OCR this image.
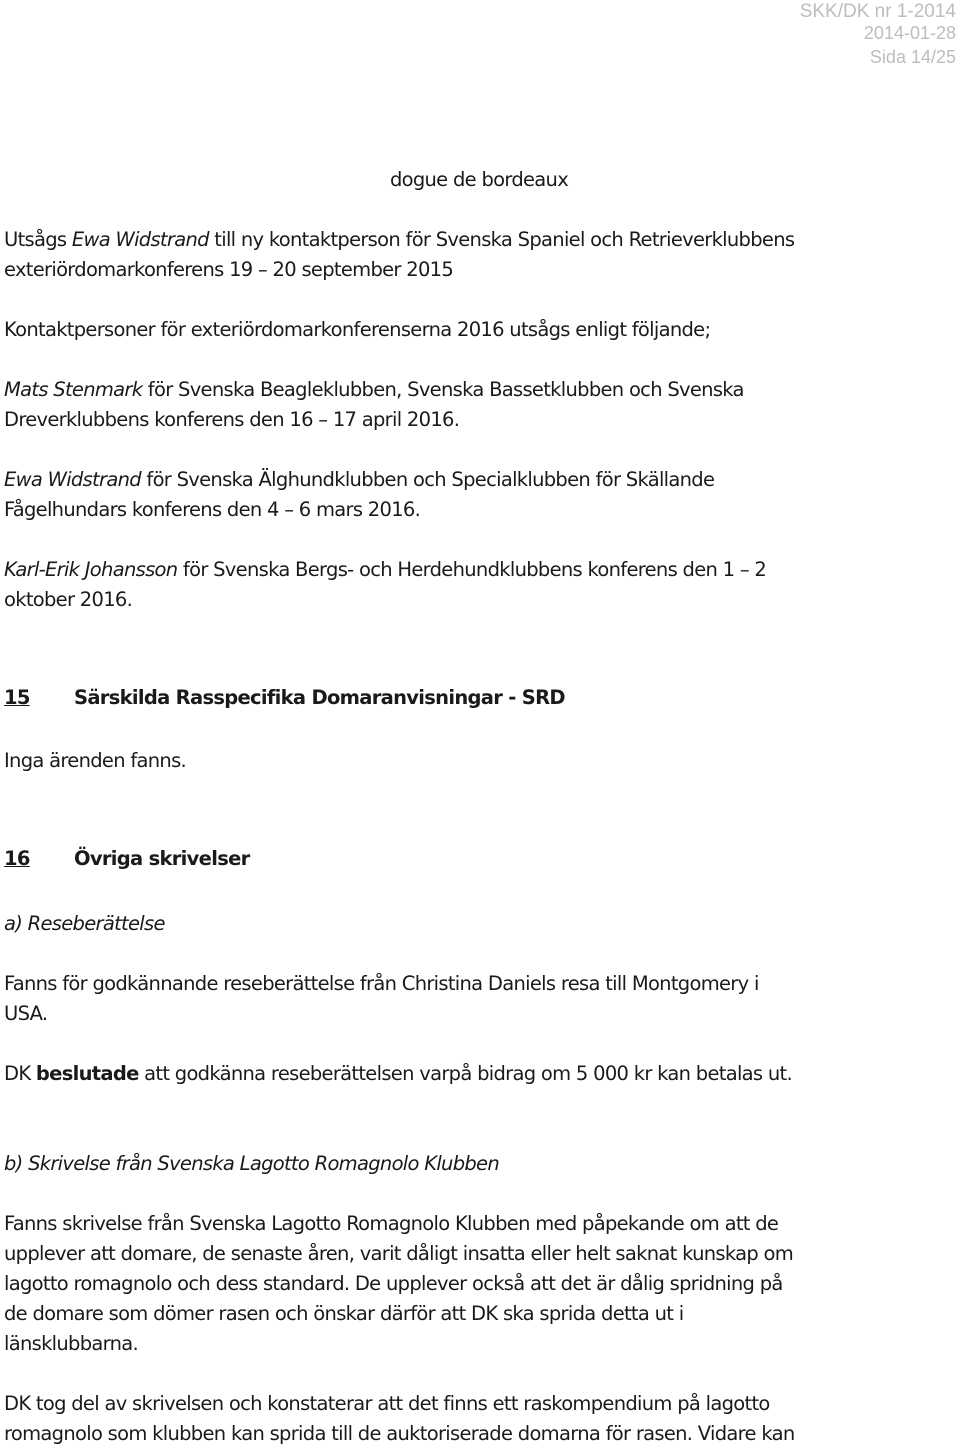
SKK/DK nr 1-2014
2014-01-28
Sida 14/25

dogue de bordeaux

Utsågs Ewa Widstrand till ny kontaktperson för Svenska Spaniel och Retrieverklubbens
exteriördomarkonferens 19 – 20 september 2015

Kontaktpersoner för exteriördomarkonferenserna 2016 utsågs enligt följande;

Mats Stenmark för Svenska Beagleklubben, Svenska Bassetklubben och Svenska
Dreverklubbens konferens den 16 – 17 april 2016.

Ewa Widstrand för Svenska Älghundklubben och Specialklubben för Skällande
Fågelhundars konferens den 4 – 6 mars 2016.

Karl-Erik Johansson för Svenska Bergs- och Herdehundklubbens konferens den 1 – 2
oktober 2016.

15 Särskilda Rasspecifika Domaranvisningar - SRD

Inga ärenden fanns.

16 Övriga skrivelser

a) Reseberättelse

Fanns för godkännande reseberättelse från Christina Daniels resa till Montgomery i
USA.

DK beslutade att godkänna reseberättelsen varpå bidrag om 5 000 kr kan betalas ut.

b) Skrivelse från Svenska Lagotto Romagnolo Klubben

Fanns skrivelse från Svenska Lagotto Romagnolo Klubben med påpekande om att de
upplever att domare, de senaste åren, varit dåligt insatta eller helt saknat kunskap om
lagotto romagnolo och dess standard. De upplever också att det är dålig spridning på
de domare som dömer rasen och önskar därför att DK ska sprida detta ut i
länsklubbarna.

DK tog del av skrivelsen och konstaterar att det finns ett raskompendium på lagotto
romagnolo som klubben kan sprida till de auktoriserade domarna för rasen. Vidare kan
